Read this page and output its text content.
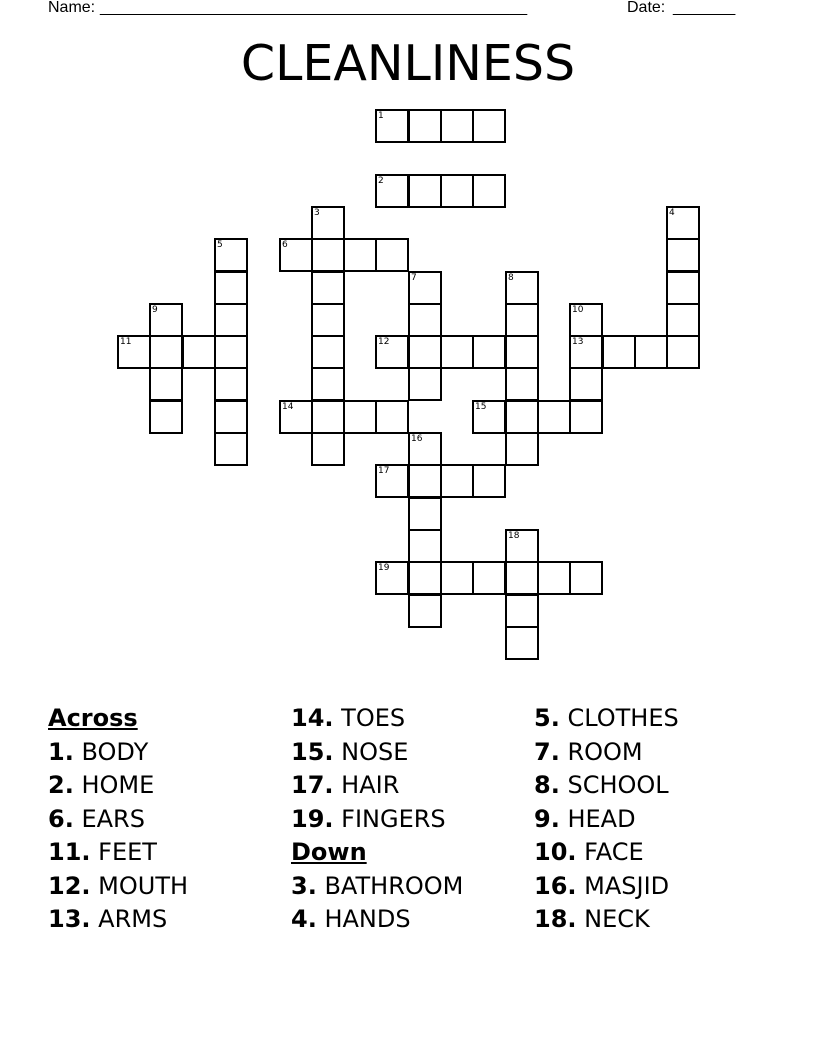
Name: ________________________________________________	Date: _______
CLEANLINESS
1
2
6
11	12	13
14	15
17
19
3	4
5
7	8
9	10
16
18
Across
1. BODY
2. HOME
6. EARS
11. FEET
12. MOUTH
13. ARMS
14. TOES
15. NOSE
17. HAIR
19. FINGERS
Down
3. BATHROOM
4. HANDS
5. CLOTHES
7. ROOM
8. SCHOOL
9. HEAD
10. FACE
16. MASJID
18. NECK
